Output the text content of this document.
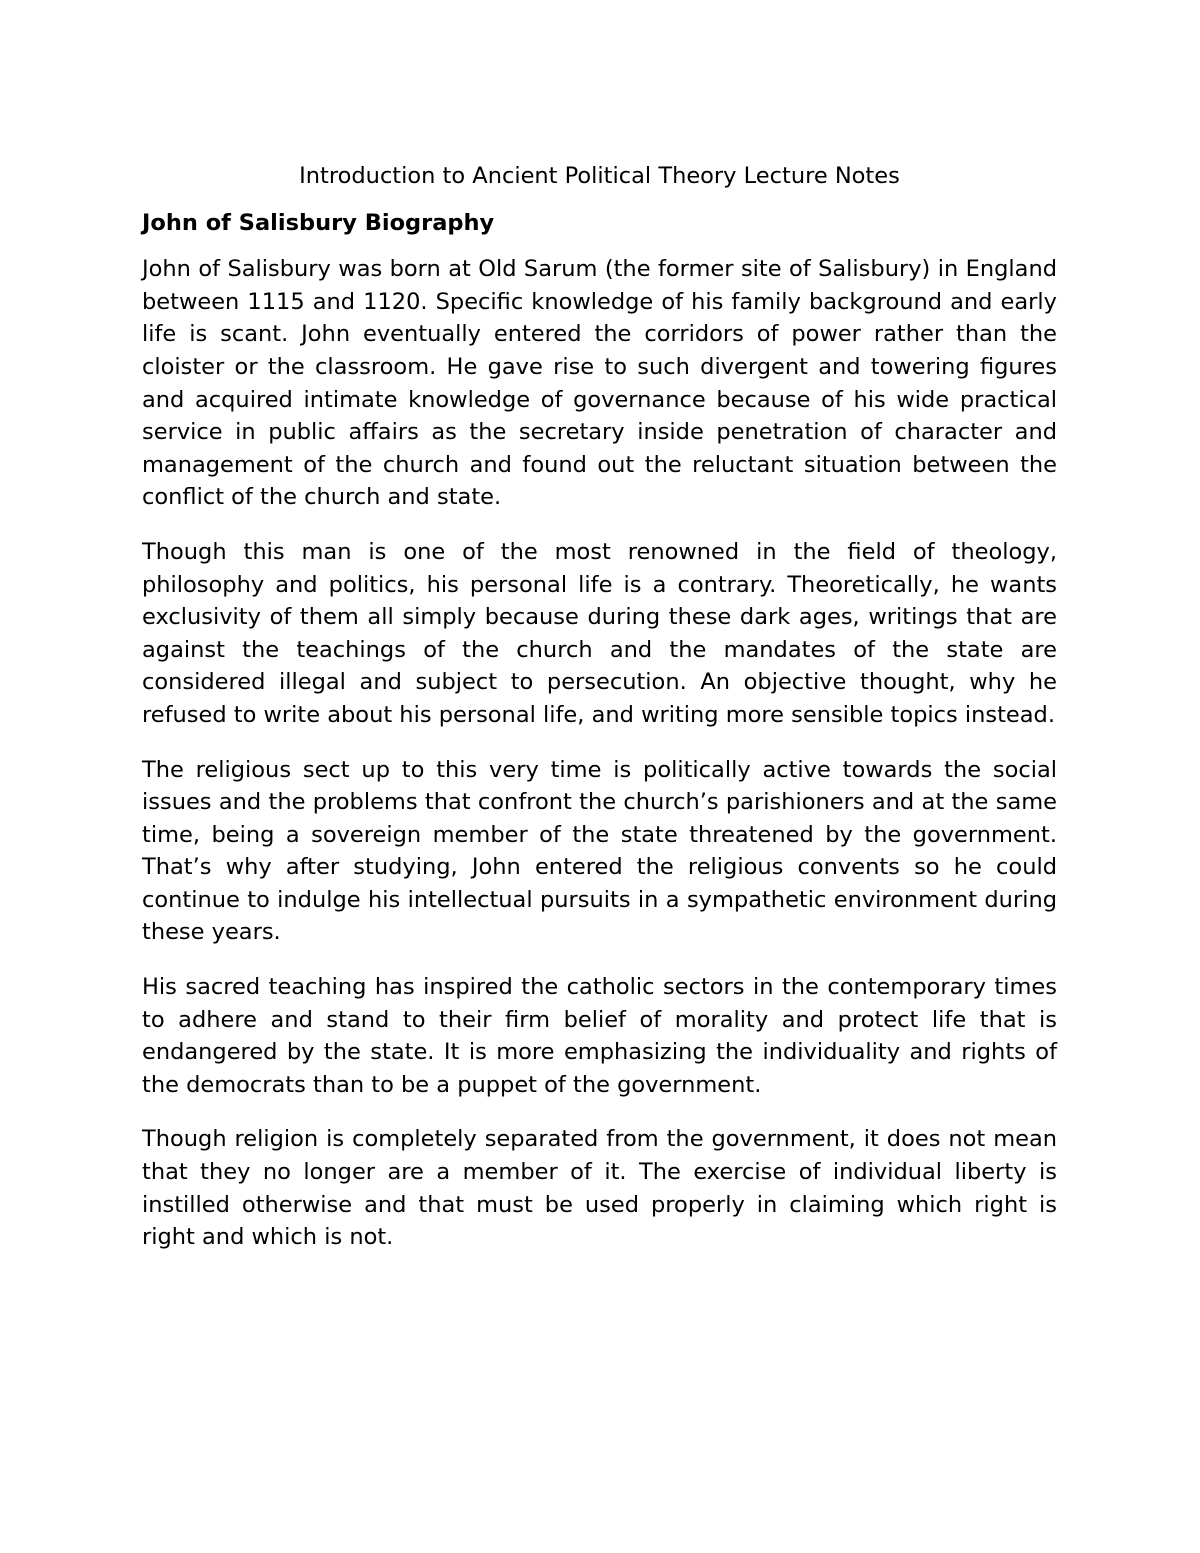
Introduction to Ancient Political Theory Lecture Notes
John of Salisbury Biography

John of Salisbury was born at Old Sarum (the former site of Salisbury) in England between 1115 and 1120. Specific knowledge of his family background and early life is scant. John eventually entered the corridors of power rather than the cloister or the classroom. He gave rise to such divergent and towering figures and acquired intimate knowledge of governance because of his wide practical service in public affairs as the secretary inside penetration of character and management of the church and found out the reluctant situation between the conflict of the church and state.

Though this man is one of the most renowned in the field of theology, philosophy and politics, his personal life is a contrary. Theoretically, he wants exclusivity of them all simply because during these dark ages, writings that are against the teachings of the church and the mandates of the state are considered illegal and subject to persecution. An objective thought, why he refused to write about his personal life, and writing more sensible topics instead.

The religious sect up to this very time is politically active towards the social issues and the problems that confront the church’s parishioners and at the same time, being a sovereign member of the state threatened by the government. That’s why after studying, John entered the religious convents so he could continue to indulge his intellectual pursuits in a sympathetic environment during these years.

His sacred teaching has inspired the catholic sectors in the contemporary times to adhere and stand to their firm belief of morality and protect life that is endangered by the state. It is more emphasizing the individuality and rights of the democrats than to be a puppet of the government.

Though religion is completely separated from the government, it does not mean that they no longer are a member of it. The exercise of individual liberty is instilled otherwise and that must be used properly in claiming which right is right and which is not.
